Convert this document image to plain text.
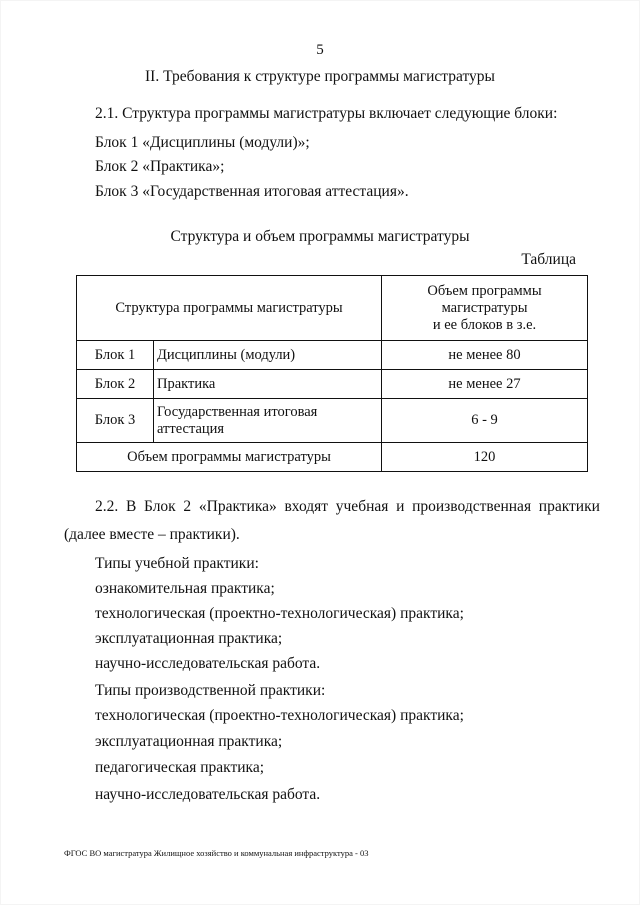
5
II. Требования к структуре программы магистратуры
2.1. Структура программы магистратуры включает следующие блоки:
Блок 1 «Дисциплины (модули)»;
Блок 2 «Практика»;
Блок 3 «Государственная итоговая аттестация».
Структура и объем программы магистратуры
Таблица
Структура программы магистратуры		Объем программы
магистратуры
и ее блоков в з.е.

Блок 1	Дисциплины (модули)	не менее 80
Блок 2	Практика	не менее 27
Блок 3	Государственная итоговая аттестация	6 - 9
Объем программы магистратуры		120
2.2. В Блок 2 «Практика» входят учебная и производственная практики
(далее вместе – практики).
Типы учебной практики:
ознакомительная практика;
технологическая (проектно-технологическая) практика;
эксплуатационная практика;
научно-исследовательская работа.
Типы производственной практики:
технологическая (проектно-технологическая) практика;
эксплуатационная практика;
педагогическая практика;
научно-исследовательская работа.
ФГОС ВО магистратура Жилищное хозяйство и коммунальная инфраструктура - 03
